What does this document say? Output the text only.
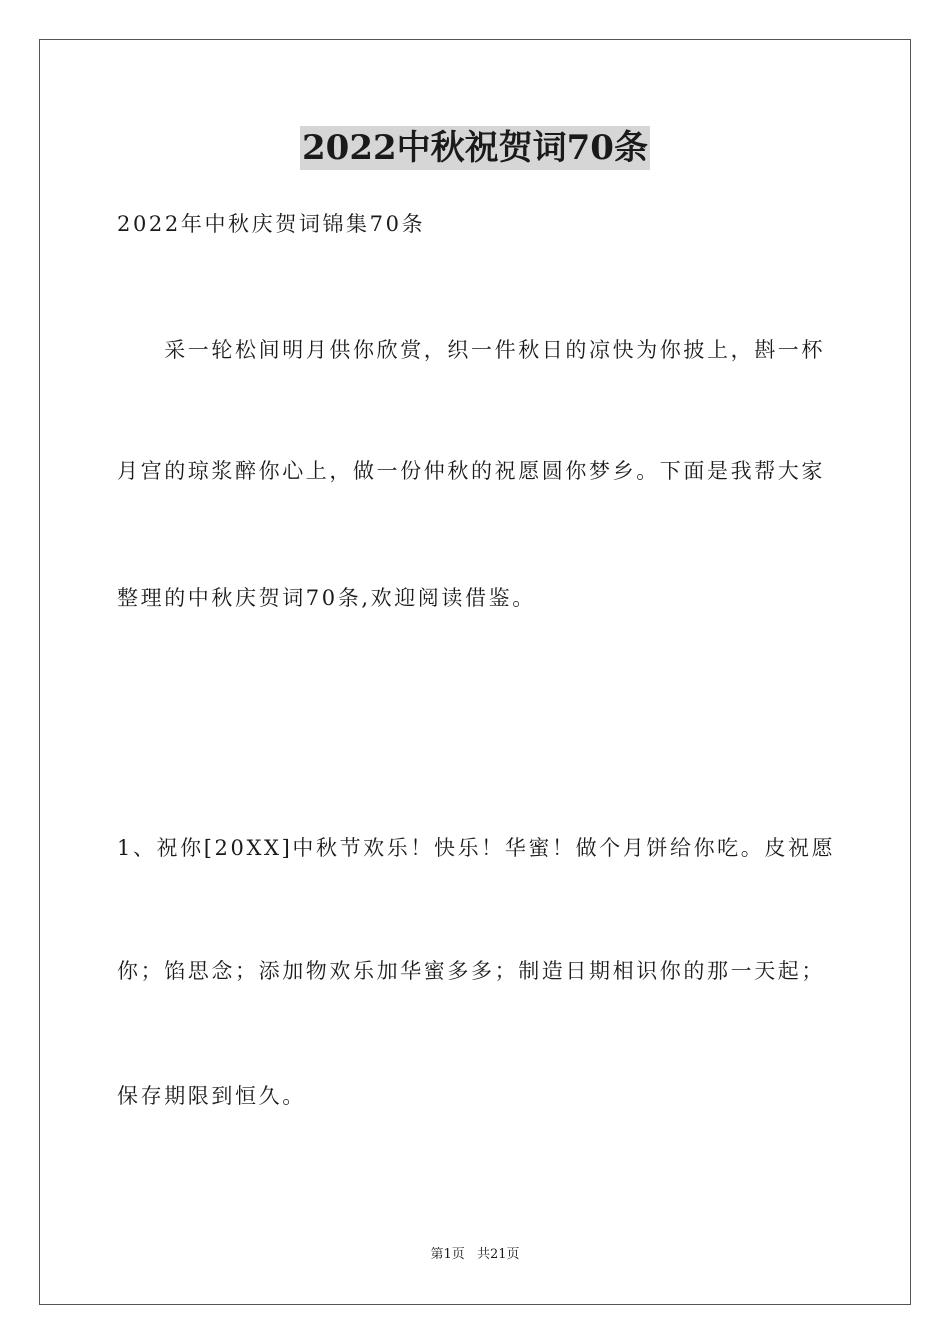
2022中秋祝贺词70条
2022年中秋庆贺词锦集70条
　　采一轮松间明月供你欣赏，织一件秋日的凉快为你披上，斟一杯
月宫的琼浆醉你心上，做一份仲秋的祝愿圆你梦乡。下面是我帮大家
整理的中秋庆贺词70条,欢迎阅读借鉴。
1、祝你[20XX]中秋节欢乐！快乐！华蜜！做个月饼给你吃。皮祝愿
你；馅思念；添加物欢乐加华蜜多多；制造日期相识你的那一天起；
保存期限到恒久。
第1页 共21页
